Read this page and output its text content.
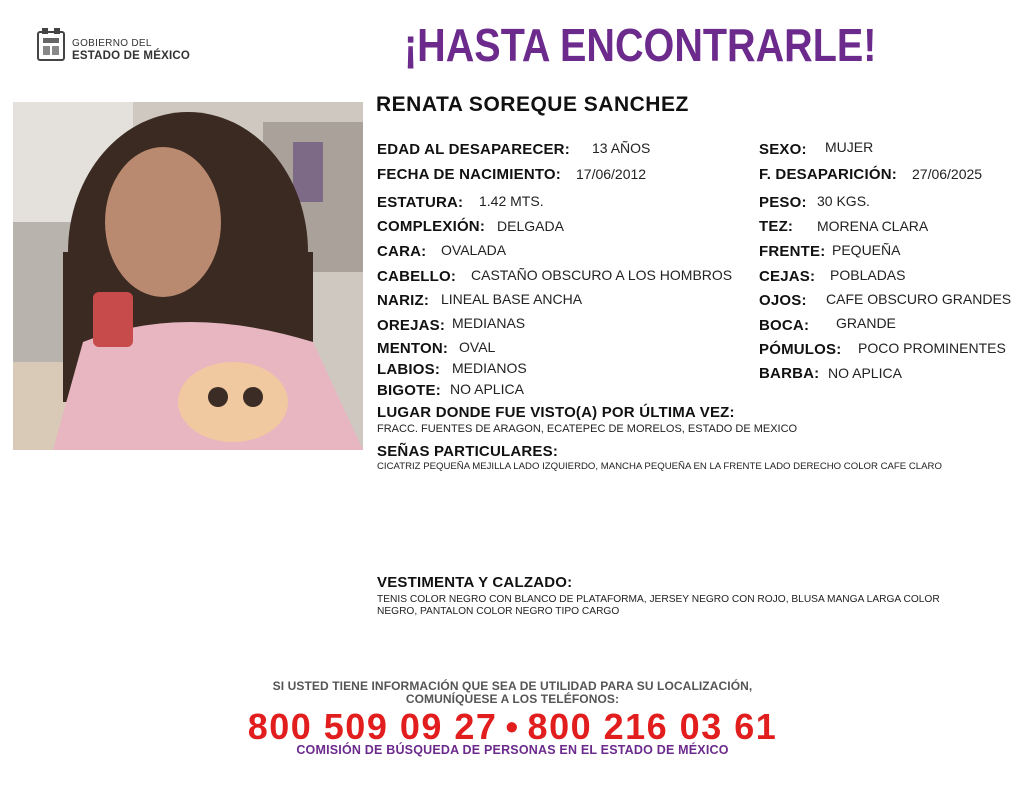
GOBIERNO DEL
ESTADO DE MÉXICO	¡HASTA ENCONTRARLE!
RENATA SOREQUE SANCHEZ
EDAD AL DESAPARECER: 13 AÑOS
FECHA DE NACIMIENTO: 17/06/2012
ESTATURA: 1.42 MTS.
COMPLEXIÓN: DELGADA
CARA: OVALADA
CABELLO: CASTAÑO OBSCURO A LOS HOMBROS
NARIZ: LINEAL BASE ANCHA
OREJAS: MEDIANAS
MENTON: OVAL
LABIOS: MEDIANOS
BIGOTE: NO APLICA
SEXO: MUJER
F. DESAPARICIÓN: 27/06/2025
PESO: 30 KGS.
TEZ: MORENA CLARA
FRENTE: PEQUEÑA
CEJAS: POBLADAS
OJOS: CAFE OBSCURO GRANDES
BOCA: GRANDE
PÓMULOS: POCO PROMINENTES
BARBA: NO APLICA
LUGAR DONDE FUE VISTO(A) POR ÚLTIMA VEZ:
FRACC. FUENTES DE ARAGON, ECATEPEC DE MORELOS, ESTADO DE MEXICO
SEÑAS PARTICULARES:
CICATRIZ PEQUEÑA MEJILLA LADO IZQUIERDO, MANCHA PEQUEÑA EN LA FRENTE LADO DERECHO COLOR CAFE CLARO
VESTIMENTA Y CALZADO:
TENIS COLOR NEGRO CON BLANCO DE PLATAFORMA, JERSEY NEGRO CON ROJO, BLUSA MANGA LARGA COLOR
NEGRO, PANTALON COLOR NEGRO TIPO CARGO
SI USTED TIENE INFORMACIÓN QUE SEA DE UTILIDAD PARA SU LOCALIZACIÓN,
COMUNÍQUESE A LOS TELÉFONOS:
800 509 09 27 • 800 216 03 61
COMISIÓN DE BÚSQUEDA DE PERSONAS EN EL ESTADO DE MÉXICO
